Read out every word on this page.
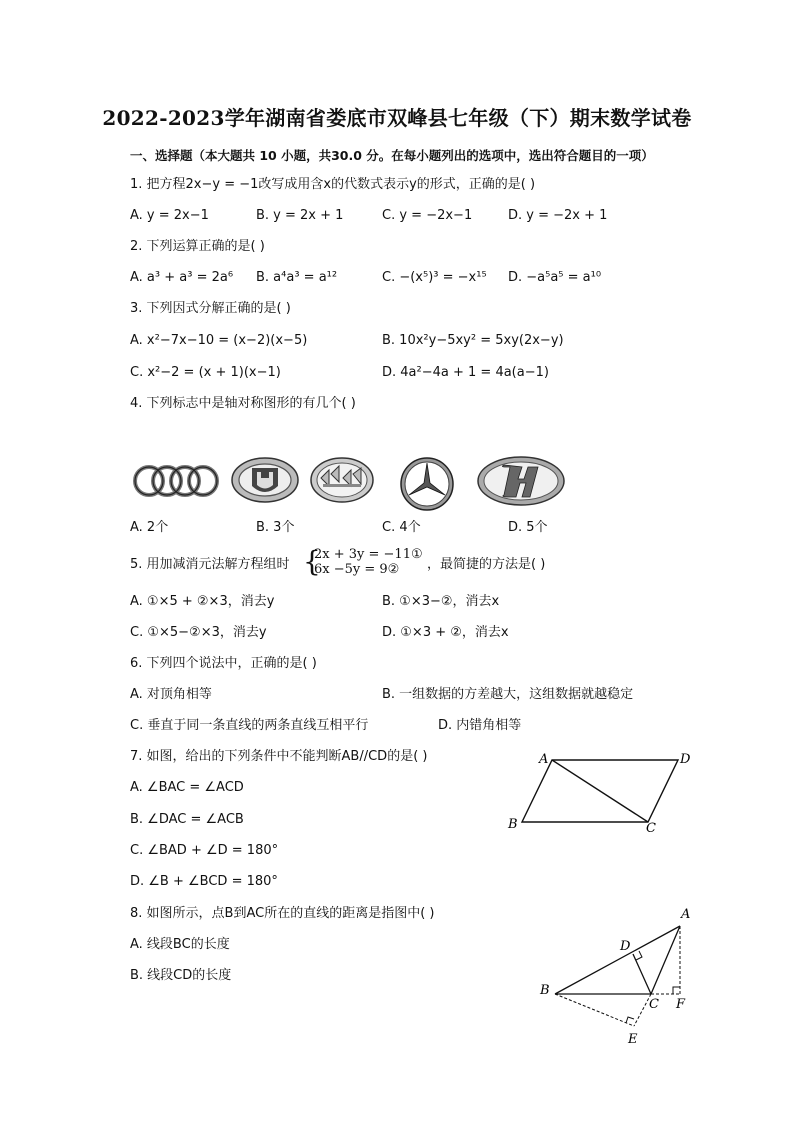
2022-2023学年湖南省娄底市双峰县七年级（下）期末数学试卷
一、选择题（本大题共 10 小题，共30.0 分。在每小题列出的选项中，选出符合题目的一项）
1. 把方程2x−y = −1改写成用含x的代数式表示y的形式，正确的是( )
A. y = 2x−1	B. y = 2x + 1	C. y = −2x−1	D. y = −2x + 1
2. 下列运算正确的是( )
A. a³ + a³ = 2a⁶ B. a⁴a³ = a¹²	C. −(x⁵)³ = −x¹⁵ D. −a⁵a⁵ = a¹⁰
3. 下列因式分解正确的是( )
A. x²−7x−10 = (x−2)(x−5)	B. 10x²y−5xy² = 5xy(2x−y)
C. x²−2 = (x + 1)(x−1)	D. 4a²−4a + 1 = 4a(a−1)
4. 下列标志中是轴对称图形的有几个( )
A. 2个	B. 3个	C. 4个	D. 5个
5. 用加减消元法解方程组时 {
2x + 3y = −11①
6x −5y = 9② ，最简捷的方法是( )
A. ①×5 + ②×3，消去y	B. ①×3−②，消去x
C. ①×5−②×3，消去y	D. ①×3 + ②，消去x
6. 下列四个说法中，正确的是( )
A. 对顶角相等	B. 一组数据的方差越大，这组数据就越稳定
C. 垂直于同一条直线的两条直线互相平行	D. 内错角相等
7. 如图，给出的下列条件中不能判断AB//CD的是( )
A. ∠BAC = ∠ACD
B. ∠DAC = ∠ACB
C. ∠BAD + ∠D = 180°
D. ∠B + ∠BCD = 180°
A	D
B	C
8. 如图所示，点B到AC所在的直线的距离是指图中( )
A. 线段BC的长度
B. 线段CD的长度
A
D
B
C F
E
